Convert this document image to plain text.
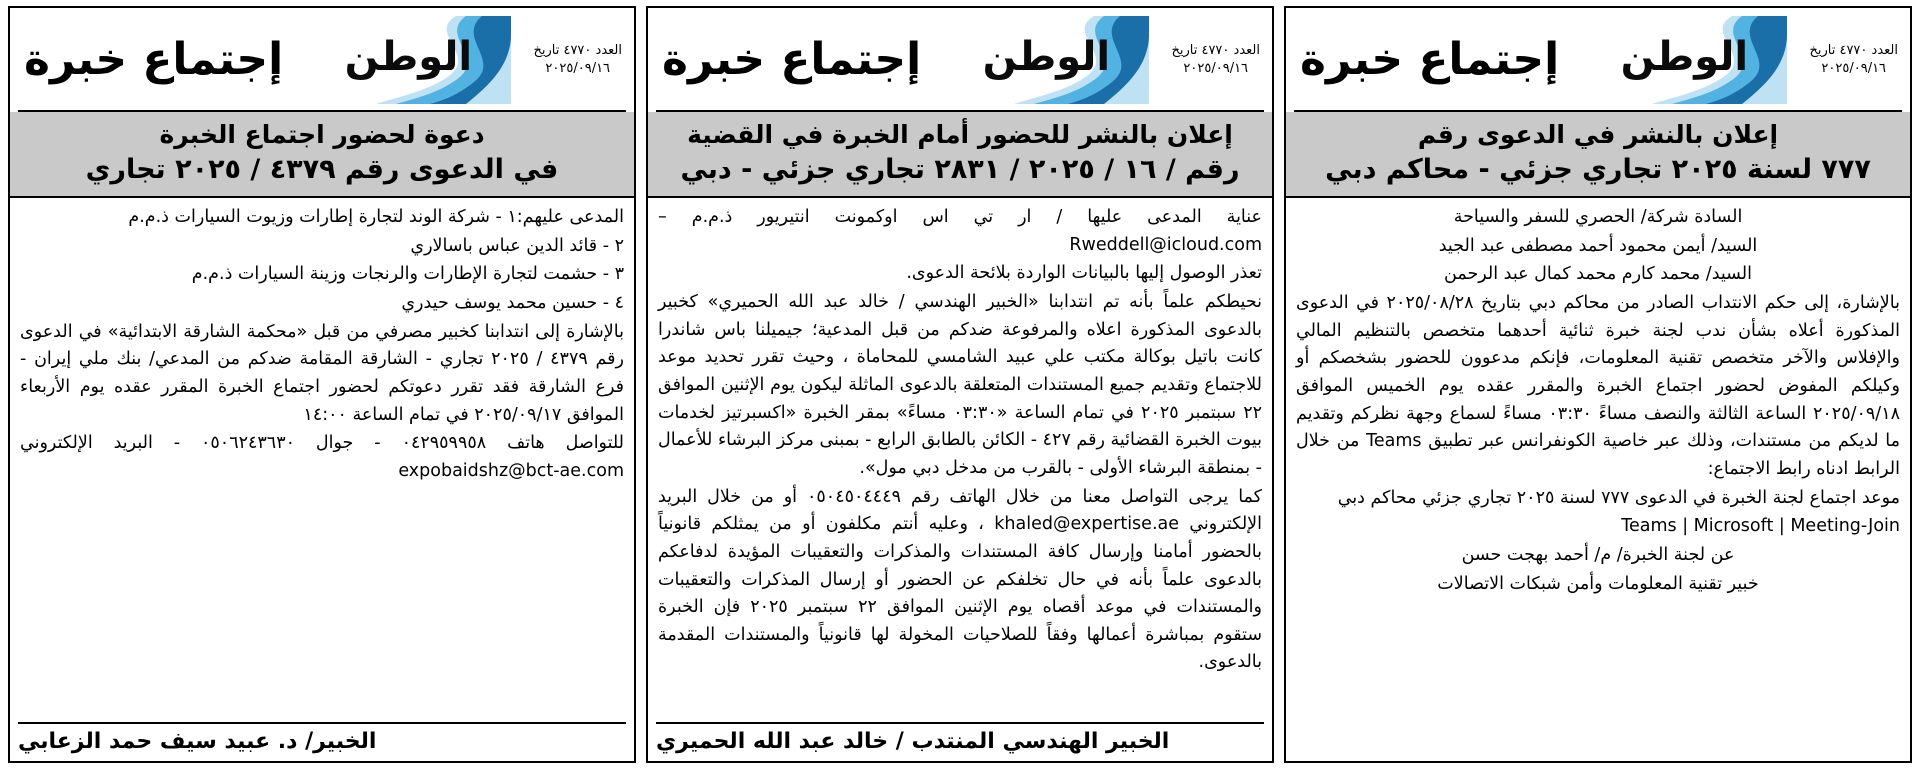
إجتماع خبرة الوطن	العدد ٤٧٧٠ تاريخ
٢٠٢٥/٠٩/١٦
إعلان بالنشر في الدعوى رقم
٧٧٧ لسنة ٢٠٢٥ تجاري جزئي - محاكم دبي

السادة شركة/ الحصري للسفر والسياحة

السيد/ أيمن محمود أحمد مصطفى عبد الجيد

السيد/ محمد كارم محمد كمال عبد الرحمن

بالإشارة، إلى حكم الانتداب الصادر من محاكم دبي بتاريخ ٢٠٢٥/٠٨/٢٨ في الدعوى المذكورة أعلاه بشأن ندب لجنة خبرة ثنائية أحدهما متخصص بالتنظيم المالي والإفلاس والآخر متخصص تقنية المعلومات، فإنكم مدعوون للحضور بشخصكم أو وكيلكم المفوض لحضور اجتماع الخبرة والمقرر عقده يوم الخميس الموافق ٢٠٢٥/٠٩/١٨ الساعة الثالثة والنصف مساءً ٠٣:٣٠ مساءً لسماع وجهة نظركم وتقديم ما لديكم من مستندات، وذلك عبر خاصية الكونفرانس عبر تطبيق Teams من خلال الرابط ادناه رابط الاجتماع:

موعد اجتماع لجنة الخبرة في الدعوى ٧٧٧ لسنة ٢٠٢٥ تجاري جزئي محاكم دبي

Teams | Microsoft | Meeting-Join

عن لجنة الخبرة/ م/ أحمد بهجت حسن

خبير تقنية المعلومات وأمن شبكات الاتصالات

إجتماع خبرة الوطن	العدد ٤٧٧٠ تاريخ
٢٠٢٥/٠٩/١٦
إعلان بالنشر للحضور أمام الخبرة في القضية
رقم / ١٦ / ٢٠٢٥ / ٢٨٣١ تجاري جزئي - دبي

عناية المدعى عليها / ار تي اس اوكمونت انتيريور ذ.م.م – Rweddell@icloud.com

تعذر الوصول إليها بالبيانات الواردة بلائحة الدعوى.

نحيطكم علماً بأنه تم انتدابنا «الخبير الهندسي / خالد عبد الله الحميري» كخبير بالدعوى المذكورة اعلاه والمرفوعة ضدكم من قبل المدعية؛ جيميلنا باس شاندرا كانت باتيل بوكالة مكتب علي عبيد الشامسي للمحاماة ، وحيث تقرر تحديد موعد للاجتماع وتقديم جميع المستندات المتعلقة بالدعوى الماثلة ليكون يوم الإثنين الموافق ٢٢ سبتمبر ٢٠٢٥ في تمام الساعة «٠٣:٣٠ مساءً» بمقر الخبرة «اكسبرتيز لخدمات بيوت الخبرة القضائية رقم ٤٢٧ - الكائن بالطابق الرابع - بمبنى مركز البرشاء للأعمال - بمنطقة البرشاء الأولى - بالقرب من مدخل دبي مول».

كما يرجى التواصل معنا من خلال الهاتف رقم ٠٥٠٤٥٠٤٤٤٩ أو من خلال البريد الإلكتروني khaled@expertise.ae ، وعليه أنتم مكلفون أو من يمثلكم قانونياً بالحضور أمامنا وإرسال كافة المستندات والمذكرات والتعقيبات المؤيدة لدفاعكم بالدعوى علماً بأنه في حال تخلفكم عن الحضور أو إرسال المذكرات والتعقيبات والمستندات في موعد أقصاه يوم الإثنين الموافق ٢٢ سبتمبر ٢٠٢٥ فإن الخبرة ستقوم بمباشرة أعمالها وفقاً للصلاحيات المخولة لها قانونياً والمستندات المقدمة بالدعوى.

الخبير الهندسي المنتدب / خالد عبد الله الحميري
إجتماع خبرة الوطن	العدد ٤٧٧٠ تاريخ
٢٠٢٥/٠٩/١٦
دعوة لحضور اجتماع الخبرة
في الدعوى رقم ٤٣٧٩ / ٢٠٢٥ تجاري

المدعى عليهم:١ - شركة الوند لتجارة إطارات وزيوت السيارات ذ.م.م

٢ - قائد الدين عباس باسالاري

٣ - حشمت لتجارة الإطارات والرنجات وزينة السيارات ذ.م.م

٤ - حسين محمد يوسف حيدري

بالإشارة إلى انتدابنا كخبير مصرفي من قبل «محكمة الشارقة الابتدائية» في الدعوى رقم ٤٣٧٩ / ٢٠٢٥ تجاري - الشارقة المقامة ضدكم من المدعي/ بنك ملي إيران - فرع الشارقة فقد تقرر دعوتكم لحضور اجتماع الخبرة المقرر عقده يوم الأربعاء الموافق ٢٠٢٥/٠٩/١٧ في تمام الساعة ١٤:٠٠

للتواصل هاتف ٠٤٢٩٥٩٩٥٨ - جوال ٠٥٠٦٢٤٣٦٣٠ - البريد الإلكتروني expobaidshz@bct-ae.com

الخبير/ د. عبيد سيف حمد الزعابي
